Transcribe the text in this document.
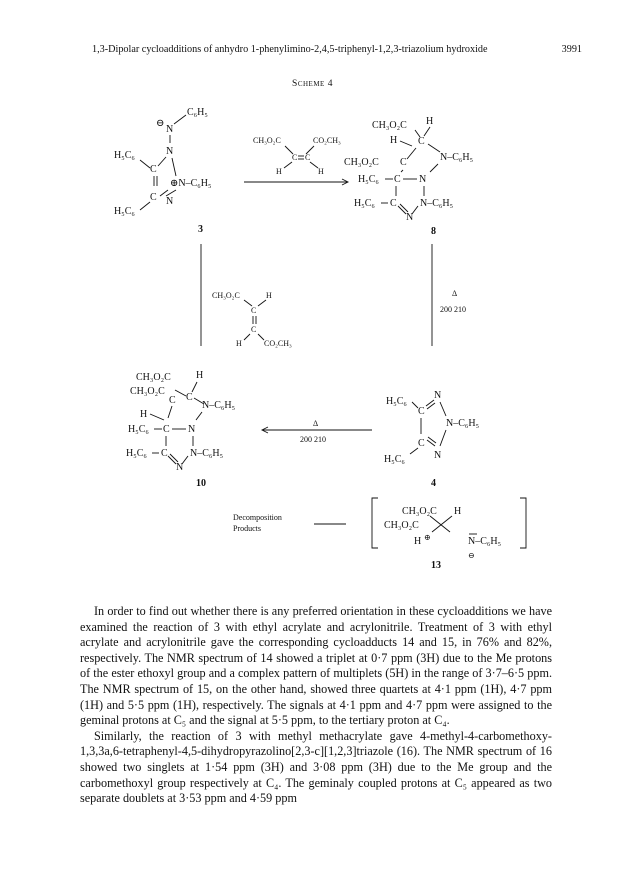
1,3-Dipolar cycloadditions of anhydro 1-phenylimino-2,4,5-triphenyl-1,2,3-triazolium hydroxide	3991
Scheme 4
⊖
N
C₆H₅
H₅C₆	N
C
⊕N–C₆H₅
C N
H₅C₆
3
CH₃O₂C	CO₂CH₃
C C
H	H
CH₃O₂C H
H C
N–C₆H₅
CH₃O₂C C
H₅C₆ C N
H₅C₆ C N–C₆H₅
N
8
CH₃O₂C
C
H
C
H	CO₂CH₃
Δ
200 210
CH₃O₂C	H
CH₃O₂C
C C
N–C₆H₅
H
H₅C₆ C N
H₅C₆ C N–C₆H₅
N
10
Δ
200 210
H₅C₆
C
N
N–C₆H₅
C
N
H₅C₆
4
Decomposition
Products
CH₃O₂C H
CH₃O₂C
H ⊕	N–C₆H₅
⊖
13

In order to find out whether there is any preferred orientation in these cycloadditions we have examined the reaction of 3 with ethyl acrylate and acrylonitrile. Treatment of 3 with ethyl acrylate and acrylonitrile gave the corresponding cycloadducts 14 and 15, in 76% and 82%, respectively. The NMR spectrum of 14 showed a triplet at 0·7 ppm (3H) due to the Me protons of the ester ethoxyl group and a complex pattern of multiplets (5H) in the range of 3·7–6·5 ppm. The NMR spectrum of 15, on the other hand, showed three quartets at 4·1 ppm (1H), 4·7 ppm (1H) and 5·5 ppm (1H), respectively. The signals at 4·1 ppm and 4·7 ppm were assigned to the geminal protons at C₅ and the signal at 5·5 ppm, to the tertiary proton at C₄.

Similarly, the reaction of 3 with methyl methacrylate gave 4-methyl-4-carbomethoxy-1,3,3a,6-tetraphenyl-4,5-dihydropyrazolino[2,3-c][1,2,3]triazole (16). The NMR spectrum of 16 showed two singlets at 1·54 ppm (3H) and 3·08 ppm (3H) due to the Me group and the carbomethoxyl group respectively at C₄. The geminaly coupled protons at C₅ appeared as two separate doublets at 3·53 ppm and 4·59 ppm
